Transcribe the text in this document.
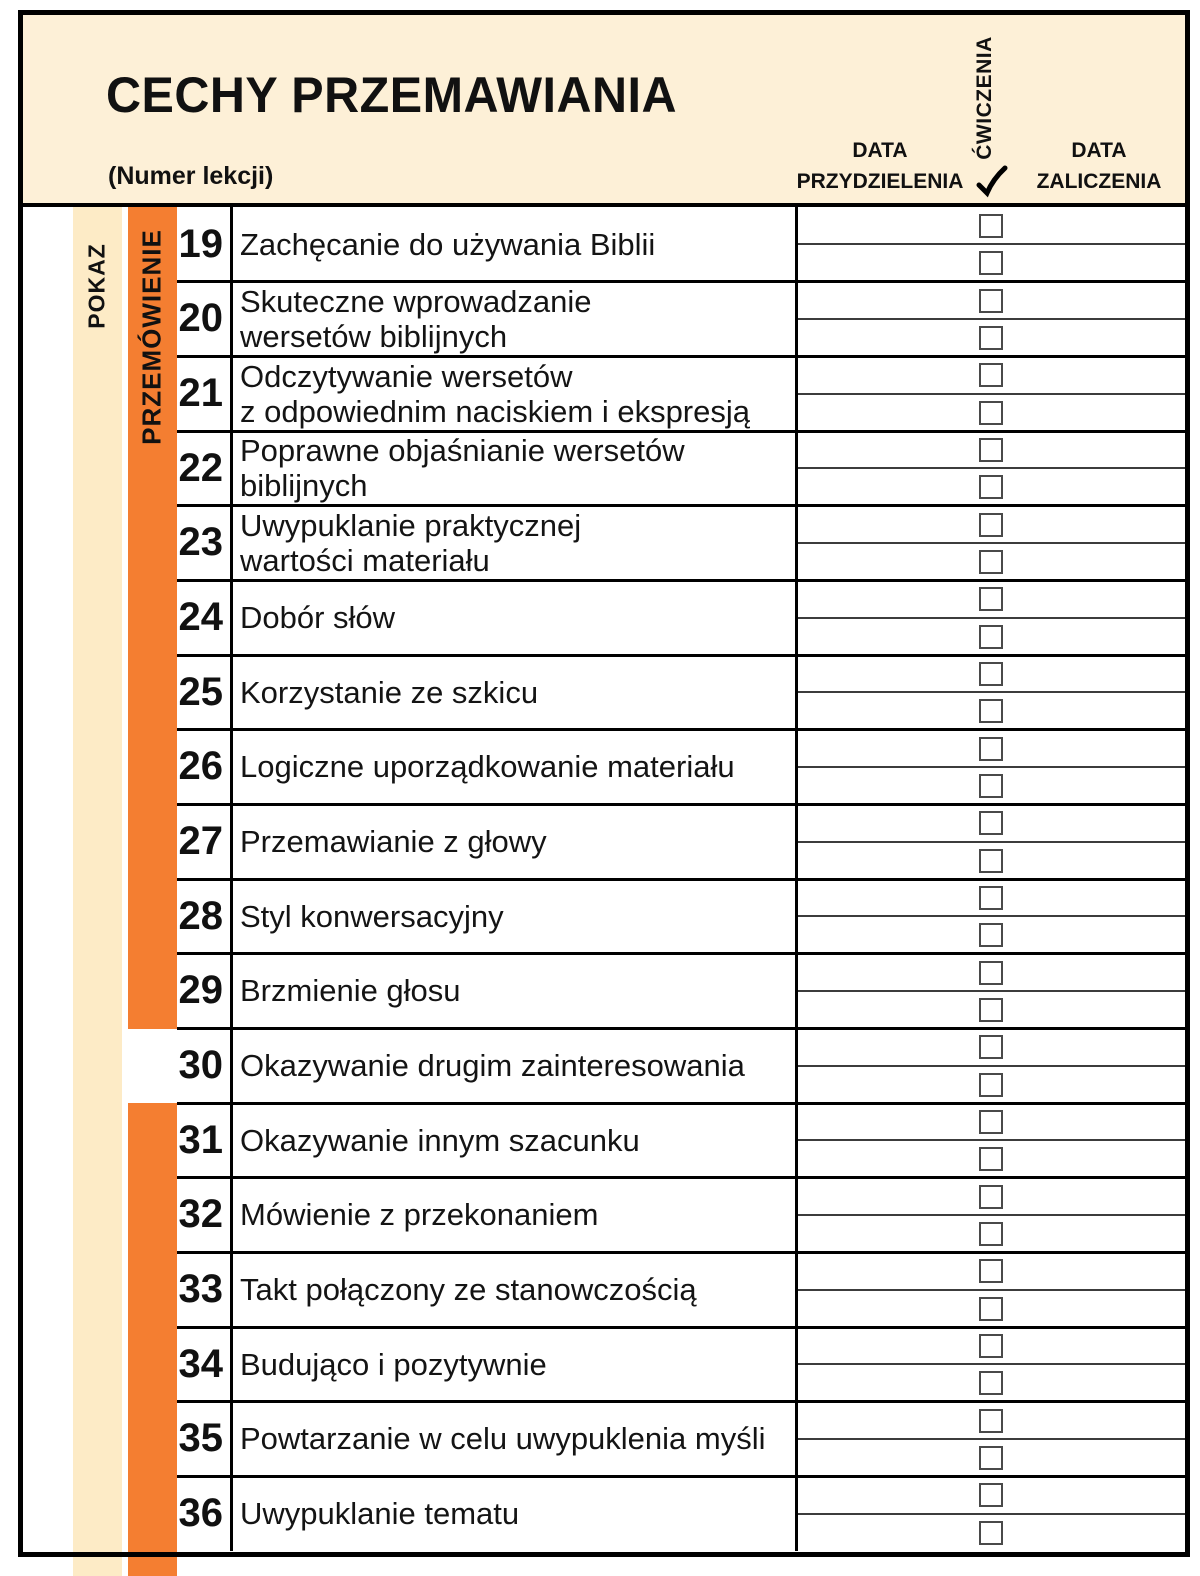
CECHY PRZEMAWIANIA
(Numer lekcji)
DATA
PRZYDZIELENIA
DATA
ZALICZENIA
ĆWICZENIA
POKAZ PRZEMÓWIENIE 19 Zachęcanie do używania Biblii
20 Skuteczne wprowadzanie
wersetów biblijnych
21 Odczytywanie wersetów
z odpowiednim naciskiem i ekspresją
22 Poprawne objaśnianie wersetów biblijnych
23 Uwypuklanie praktycznej
wartości materiału
24 Dobór słów
25 Korzystanie ze szkicu
26 Logiczne uporządkowanie materiału
27 Przemawianie z głowy
28 Styl konwersacyjny
29 Brzmienie głosu
30 Okazywanie drugim zainteresowania
31 Okazywanie innym szacunku
32 Mówienie z przekonaniem
33 Takt połączony ze stanowczością
34 Budująco i pozytywnie
35 Powtarzanie w celu uwypuklenia myśli
36 Uwypuklanie tematu
